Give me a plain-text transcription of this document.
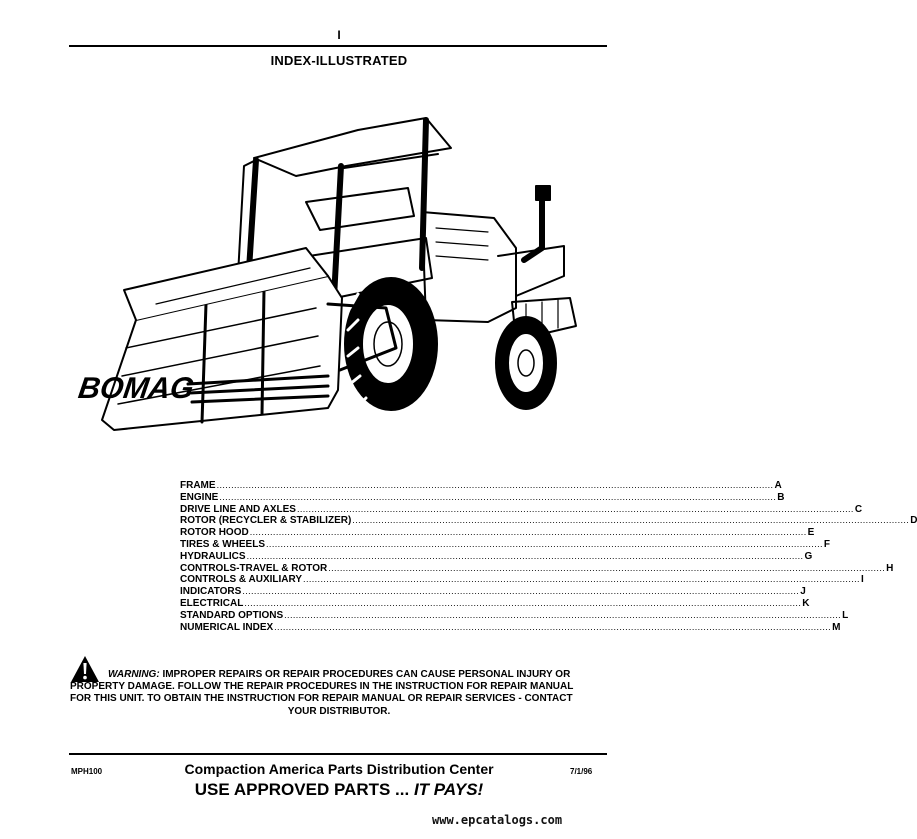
I
INDEX-ILLUSTRATED
BOMAG
FRAME .....	A
ENGINE .....	B
DRIVE LINE AND AXLES .....	C
ROTOR (RECYCLER & STABILIZER) .....	D
ROTOR HOOD .....	E
TIRES & WHEELS .....	F
HYDRAULICS .....	G
CONTROLS-TRAVEL & ROTOR .....	H
CONTROLS & AUXILIARY .....	I
INDICATORS .....	J
ELECTRICAL .....	K
STANDARD OPTIONS .....	L
NUMERICAL INDEX .....	M
WARNING: IMPROPER REPAIRS OR REPAIR PROCEDURES CAN CAUSE PERSONAL INJURY OR
PROPERTY DAMAGE. FOLLOW THE REPAIR PROCEDURES IN THE INSTRUCTION FOR REPAIR MANUAL
FOR THIS UNIT. TO OBTAIN THE INSTRUCTION FOR REPAIR MANUAL OR REPAIR SERVICES - CONTACT
YOUR DISTRIBUTOR.
MPH100	Compaction America Parts Distribution Center	7/1/96
USE APPROVED PARTS ... IT PAYS!
www.epcatalogs.com
